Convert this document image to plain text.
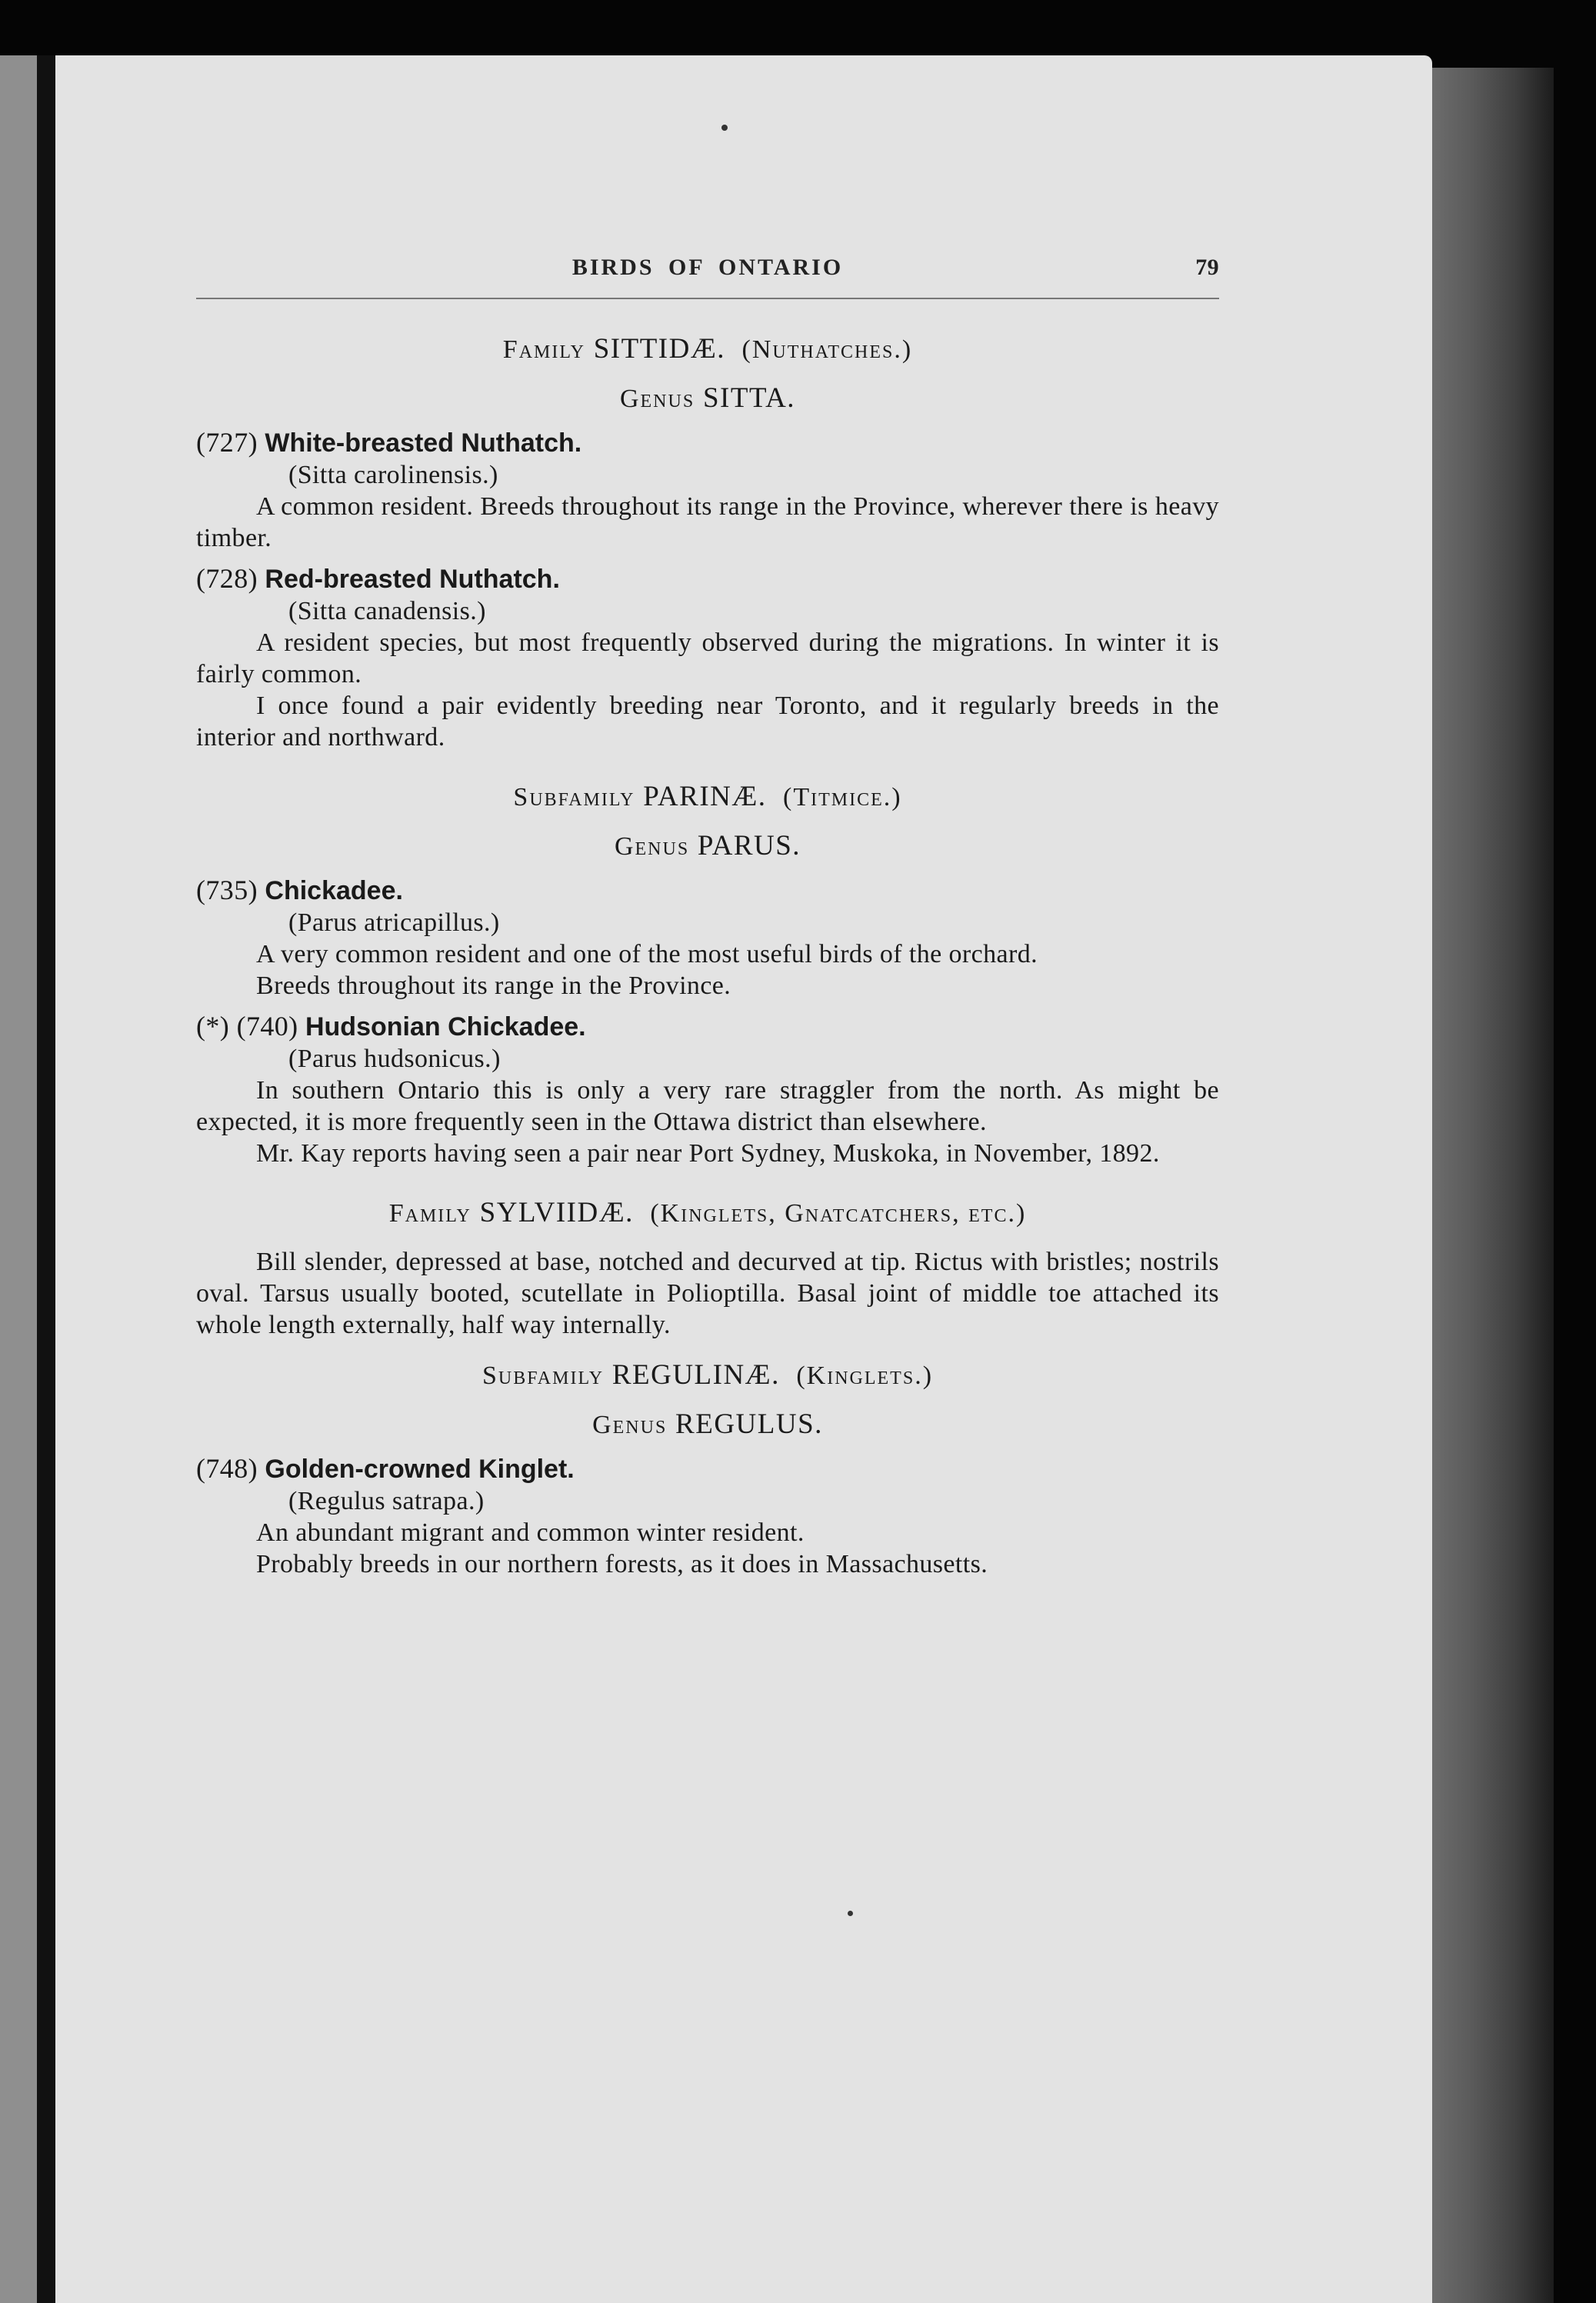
BIRDS OF ONTARIO	79
Family SITTIDÆ. (Nuthatches.)
Genus SITTA.
(727) White-breasted Nuthatch.
(Sitta carolinensis.)
A common resident. Breeds throughout its range in the Province, wherever there is heavy timber.
(728) Red-breasted Nuthatch.
(Sitta canadensis.)
A resident species, but most frequently observed during the migrations. In winter it is fairly common.
I once found a pair evidently breeding near Toronto, and it regularly breeds in the interior and northward.
Subfamily PARINÆ. (Titmice.)
Genus PARUS.
(735) Chickadee.
(Parus atricapillus.)
A very common resident and one of the most useful birds of the orchard.
Breeds throughout its range in the Province.
(*) (740) Hudsonian Chickadee.
(Parus hudsonicus.)
In southern Ontario this is only a very rare straggler from the north. As might be expected, it is more frequently seen in the Ottawa district than elsewhere.
Mr. Kay reports having seen a pair near Port Sydney, Muskoka, in November, 1892.
Family SYLVIIDÆ. (Kinglets, Gnatcatchers, etc.)
Bill slender, depressed at base, notched and decurved at tip. Rictus with bristles; nostrils oval. Tarsus usually booted, scutellate in Polioptilla. Basal joint of middle toe attached its whole length externally, half way internally.
Subfamily REGULINÆ. (Kinglets.)
Genus REGULUS.
(748) Golden-crowned Kinglet.
(Regulus satrapa.)
An abundant migrant and common winter resident.
Probably breeds in our northern forests, as it does in Massachusetts.
